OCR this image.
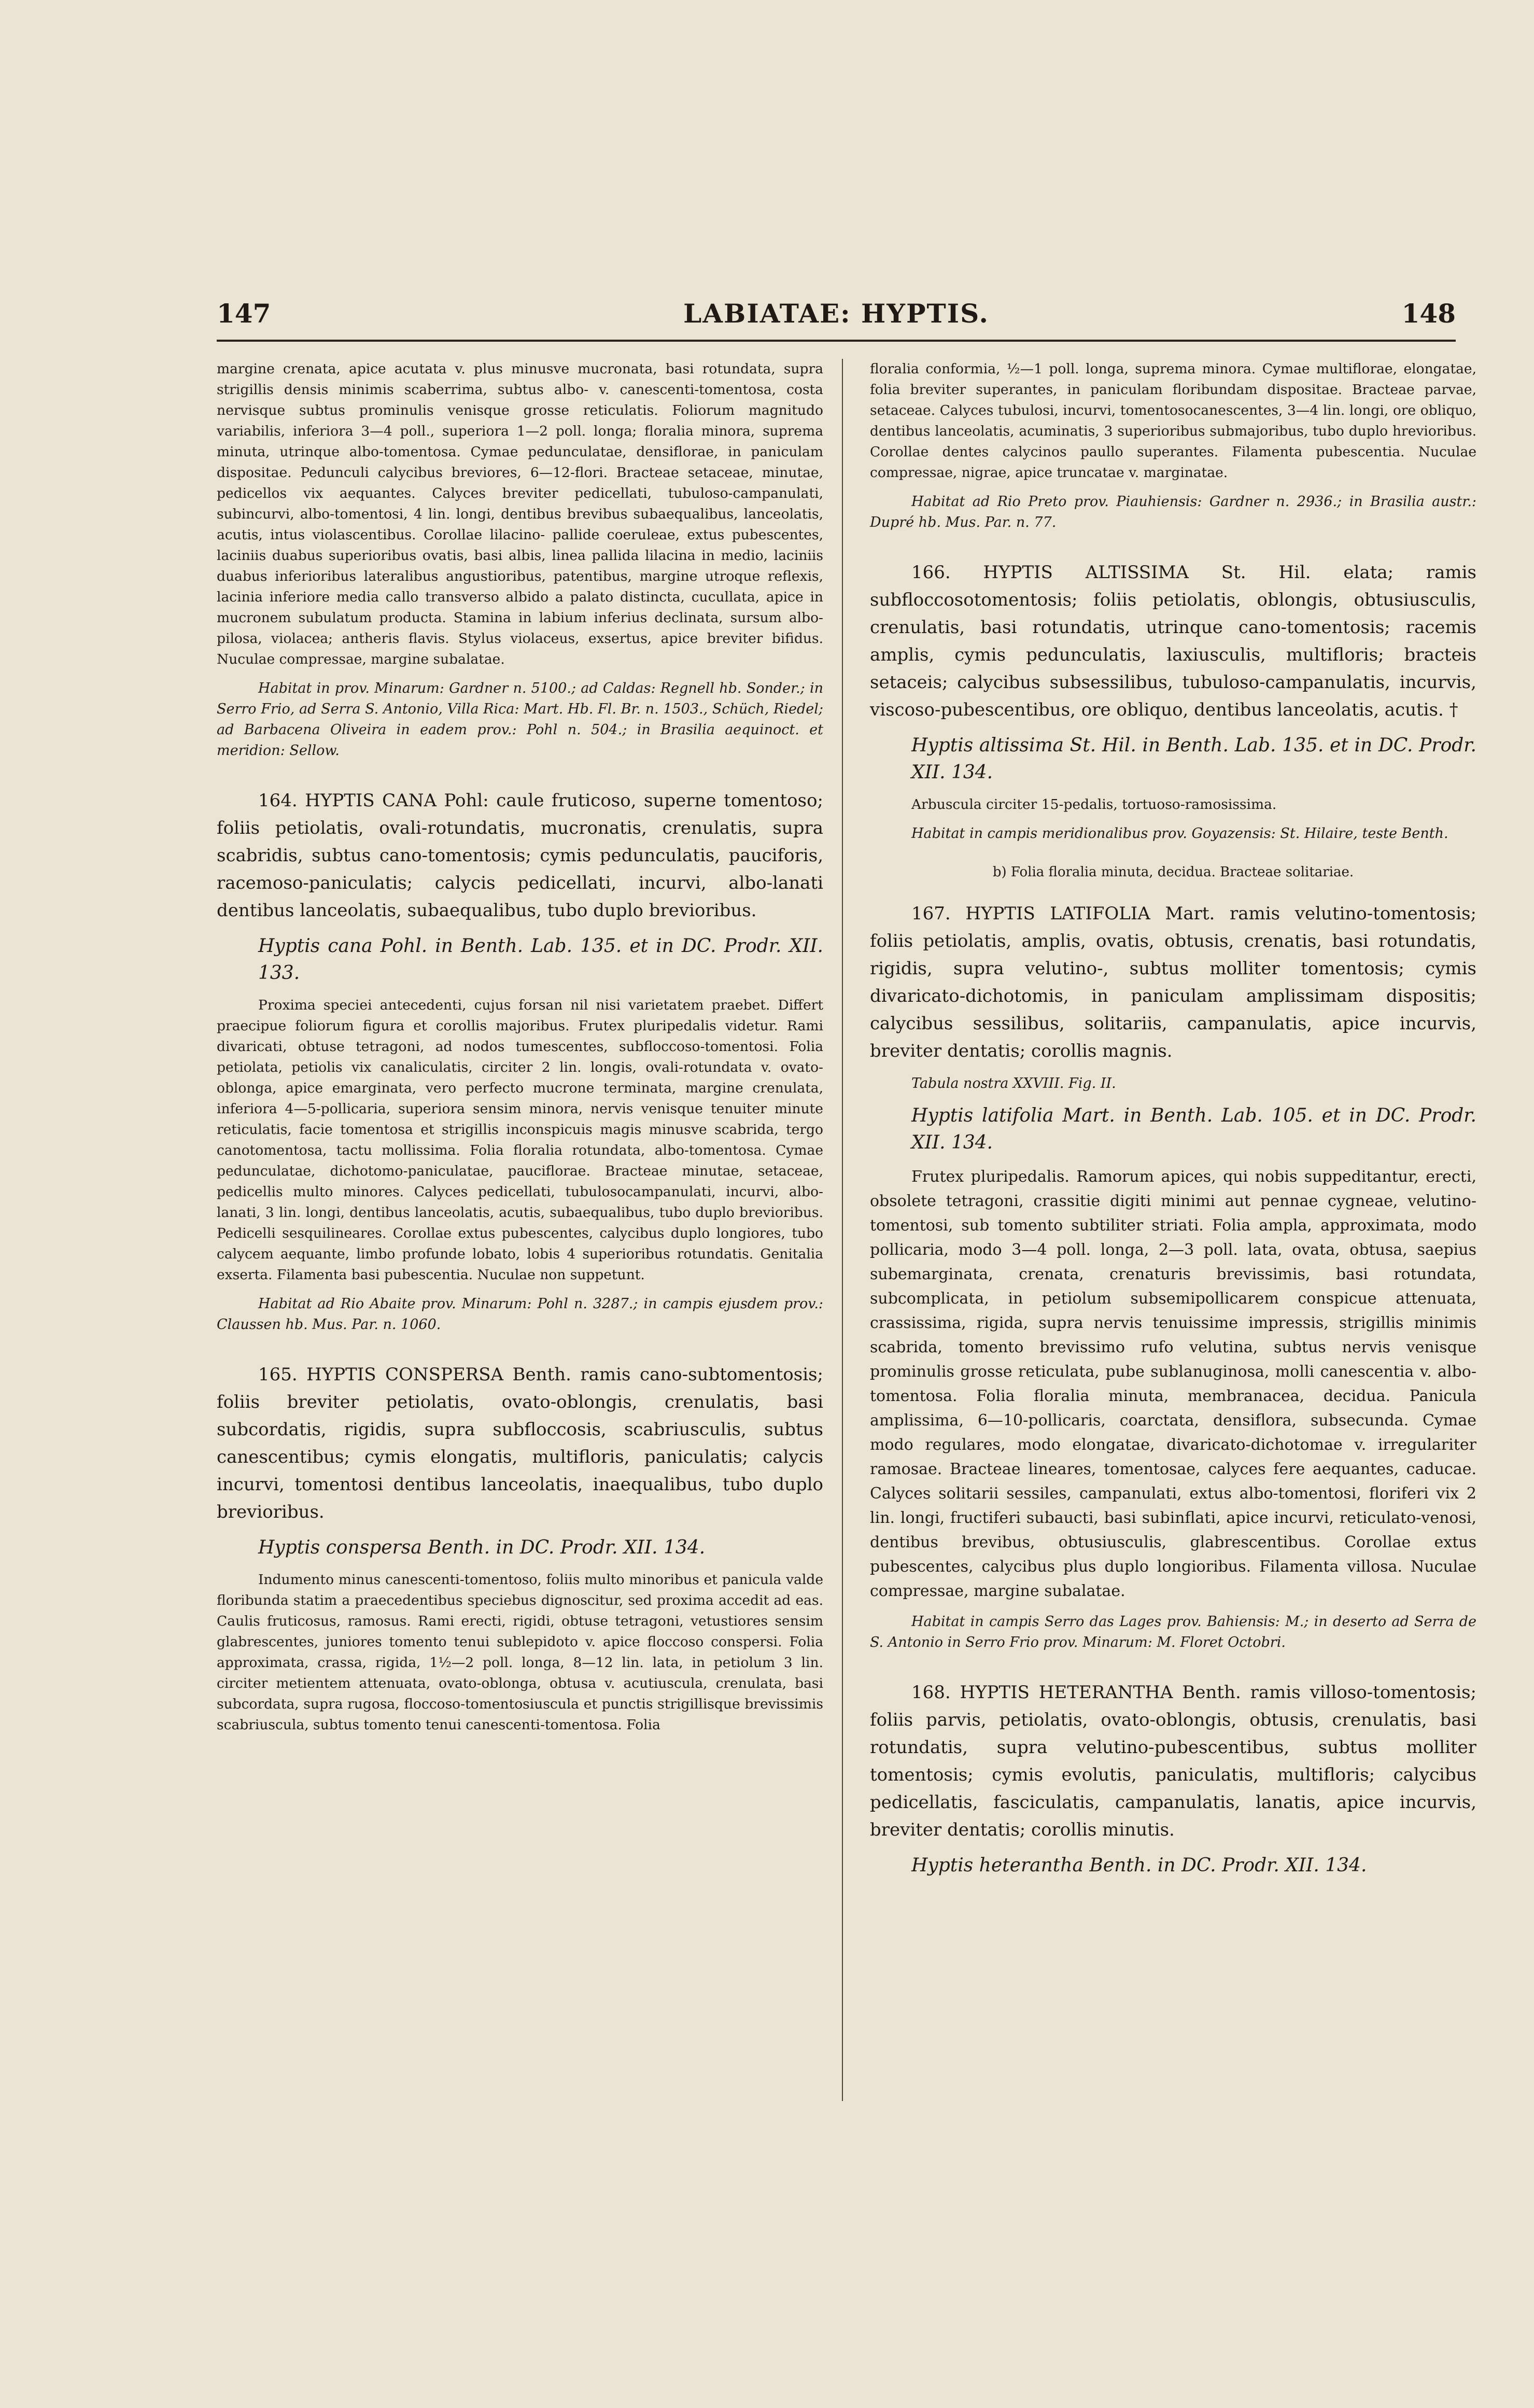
147	LABIATAE: HYPTIS.	148

margine crenata, apice acutata v. plus minusve mucronata, basi rotundata, supra strigillis densis minimis scaberrima, subtus albo- v. canescenti-tomentosa, costa nervisque subtus prominulis venisque grosse reticulatis. Foliorum magnitudo variabilis, inferiora 3—4 poll., superiora 1—2 poll. longa; floralia minora, suprema minuta, utrinque albo-tomentosa. Cymae pedunculatae, densiflorae, in paniculam dispositae. Pedunculi calycibus breviores, 6—12-flori. Bracteae setaceae, minutae, pedicellos vix aequantes. Calyces breviter pedicellati, tubuloso-campanulati, subincurvi, albo-tomentosi, 4 lin. longi, dentibus brevibus subaequalibus, lanceolatis, acutis, intus violascentibus. Corollae lilacino- pallide coeruleae, extus pubescentes, laciniis duabus superioribus ovatis, basi albis, linea pallida lilacina in medio, laciniis duabus inferioribus lateralibus angustioribus, patentibus, margine utroque reflexis, lacinia inferiore media callo transverso albido a palato distincta, cucullata, apice in mucronem subulatum producta. Stamina in labium inferius declinata, sursum albo-pilosa, violacea; antheris flavis. Stylus violaceus, exsertus, apice breviter bifidus. Nuculae compressae, margine subalatae.

Habitat in prov. Minarum: Gardner n. 5100.; ad Caldas: Regnell hb. Sonder.; in Serro Frio, ad Serra S. Antonio, Villa Rica: Mart. Hb. Fl. Br. n. 1503., Schüch, Riedel; ad Barbacena Oliveira in eadem prov.: Pohl n. 504.; in Brasilia aequinoct. et meridion: Sellow.

164. HYPTIS CANA Pohl: caule fruticoso, superne tomentoso; foliis petiolatis, ovali-rotundatis, mucronatis, crenulatis, supra scabridis, subtus cano-tomentosis; cymis pedunculatis, pauciforis, racemoso-paniculatis; calycis pedicellati, incurvi, albo-lanati dentibus lanceolatis, subaequalibus, tubo duplo brevioribus.

Hyptis cana Pohl. in Benth. Lab. 135. et in DC. Prodr. XII. 133.

Proxima speciei antecedenti, cujus forsan nil nisi varietatem praebet. Differt praecipue foliorum figura et corollis majoribus. Frutex pluripedalis videtur. Rami divaricati, obtuse tetragoni, ad nodos tumescentes, subfloccoso-tomentosi. Folia petiolata, petiolis vix canaliculatis, circiter 2 lin. longis, ovali-rotundata v. ovato-oblonga, apice emarginata, vero perfecto mucrone terminata, margine crenulata, inferiora 4—5-pollicaria, superiora sensim minora, nervis venisque tenuiter minute reticulatis, facie tomentosa et strigillis inconspicuis magis minusve scabrida, tergo canotomentosa, tactu mollissima. Folia floralia rotundata, albo-tomentosa. Cymae pedunculatae, dichotomo-paniculatae, pauciflorae. Bracteae minutae, setaceae, pedicellis multo minores. Calyces pedicellati, tubulosocampanulati, incurvi, albo-lanati, 3 lin. longi, dentibus lanceolatis, acutis, subaequalibus, tubo duplo brevioribus. Pedicelli sesquilineares. Corollae extus pubescentes, calycibus duplo longiores, tubo calycem aequante, limbo profunde lobato, lobis 4 superioribus rotundatis. Genitalia exserta. Filamenta basi pubescentia. Nuculae non suppetunt.

Habitat ad Rio Abaite prov. Minarum: Pohl n. 3287.; in campis ejusdem prov.: Claussen hb. Mus. Par. n. 1060.

165. HYPTIS CONSPERSA Benth. ramis cano-subtomentosis; foliis breviter petiolatis, ovato-oblongis, crenulatis, basi subcordatis, rigidis, supra subfloccosis, scabriusculis, subtus canescentibus; cymis elongatis, multifloris, paniculatis; calycis incurvi, tomentosi dentibus lanceolatis, inaequalibus, tubo duplo brevioribus.

Hyptis conspersa Benth. in DC. Prodr. XII. 134.

Indumento minus canescenti-tomentoso, foliis multo minoribus et panicula valde floribunda statim a praecedentibus speciebus dignoscitur, sed proxima accedit ad eas. Caulis fruticosus, ramosus. Rami erecti, rigidi, obtuse tetragoni, vetustiores sensim glabrescentes, juniores tomento tenui sublepidoto v. apice floccoso conspersi. Folia approximata, crassa, rigida, 1½—2 poll. longa, 8—12 lin. lata, in petiolum 3 lin. circiter metientem attenuata, ovato-oblonga, obtusa v. acutiuscula, crenulata, basi subcordata, supra rugosa, floccoso-tomentosiuscula et punctis strigillisque brevissimis scabriuscula, subtus tomento tenui canescenti-tomentosa. Folia

floralia conformia, ½—1 poll. longa, suprema minora. Cymae multiflorae, elongatae, folia breviter superantes, in paniculam floribundam dispositae. Bracteae parvae, setaceae. Calyces tubulosi, incurvi, tomentosocanescentes, 3—4 lin. longi, ore obliquo, dentibus lanceolatis, acuminatis, 3 superioribus submajoribus, tubo duplo hrevioribus. Corollae dentes calycinos paullo superantes. Filamenta pubescentia. Nuculae compressae, nigrae, apice truncatae v. marginatae.

Habitat ad Rio Preto prov. Piauhiensis: Gardner n. 2936.; in Brasilia austr.: Dupré hb. Mus. Par. n. 77.

166. HYPTIS ALTISSIMA St. Hil. elata; ramis subfloccosotomentosis; foliis petiolatis, oblongis, obtusiusculis, crenulatis, basi rotundatis, utrinque cano-tomentosis; racemis amplis, cymis pedunculatis, laxiusculis, multifloris; bracteis setaceis; calycibus subsessilibus, tubuloso-campanulatis, incurvis, viscoso-pubescentibus, ore obliquo, dentibus lanceolatis, acutis. †

Hyptis altissima St. Hil. in Benth. Lab. 135. et in DC. Prodr. XII. 134.

Arbuscula circiter 15-pedalis, tortuoso-ramosissima.

Habitat in campis meridionalibus prov. Goyazensis: St. Hilaire, teste Benth.

b) Folia floralia minuta, decidua. Bracteae solitariae.

167. HYPTIS LATIFOLIA Mart. ramis velutino-tomentosis; foliis petiolatis, amplis, ovatis, obtusis, crenatis, basi rotundatis, rigidis, supra velutino-, subtus molliter tomentosis; cymis divaricato-dichotomis, in paniculam amplissimam dispositis; calycibus sessilibus, solitariis, campanulatis, apice incurvis, breviter dentatis; corollis magnis.

Tabula nostra XXVIII. Fig. II.

Hyptis latifolia Mart. in Benth. Lab. 105. et in DC. Prodr. XII. 134.

Frutex pluripedalis. Ramorum apices, qui nobis suppeditantur, erecti, obsolete tetragoni, crassitie digiti minimi aut pennae cygneae, velutino-tomentosi, sub tomento subtiliter striati. Folia ampla, approximata, modo pollicaria, modo 3—4 poll. longa, 2—3 poll. lata, ovata, obtusa, saepius subemarginata, crenata, crenaturis brevissimis, basi rotundata, subcomplicata, in petiolum subsemipollicarem conspicue attenuata, crassissima, rigida, supra nervis tenuissime impressis, strigillis minimis scabrida, tomento brevissimo rufo velutina, subtus nervis venisque prominulis grosse reticulata, pube sublanuginosa, molli canescentia v. albo-tomentosa. Folia floralia minuta, membranacea, decidua. Panicula amplissima, 6—10-pollicaris, coarctata, densiflora, subsecunda. Cymae modo regulares, modo elongatae, divaricato-dichotomae v. irregulariter ramosae. Bracteae lineares, tomentosae, calyces fere aequantes, caducae. Calyces solitarii sessiles, campanulati, extus albo-tomentosi, floriferi vix 2 lin. longi, fructiferi subaucti, basi subinflati, apice incurvi, reticulato-venosi, dentibus brevibus, obtusiusculis, glabrescentibus. Corollae extus pubescentes, calycibus plus duplo longioribus. Filamenta villosa. Nuculae compressae, margine subalatae.

Habitat in campis Serro das Lages prov. Bahiensis: M.; in deserto ad Serra de S. Antonio in Serro Frio prov. Minarum: M. Floret Octobri.

168. HYPTIS HETERANTHA Benth. ramis villoso-tomentosis; foliis parvis, petiolatis, ovato-oblongis, obtusis, crenulatis, basi rotundatis, supra velutino-pubescentibus, subtus molliter tomentosis; cymis evolutis, paniculatis, multifloris; calycibus pedicellatis, fasciculatis, campanulatis, lanatis, apice incurvis, breviter dentatis; corollis minutis.

Hyptis heterantha Benth. in DC. Prodr. XII. 134.
